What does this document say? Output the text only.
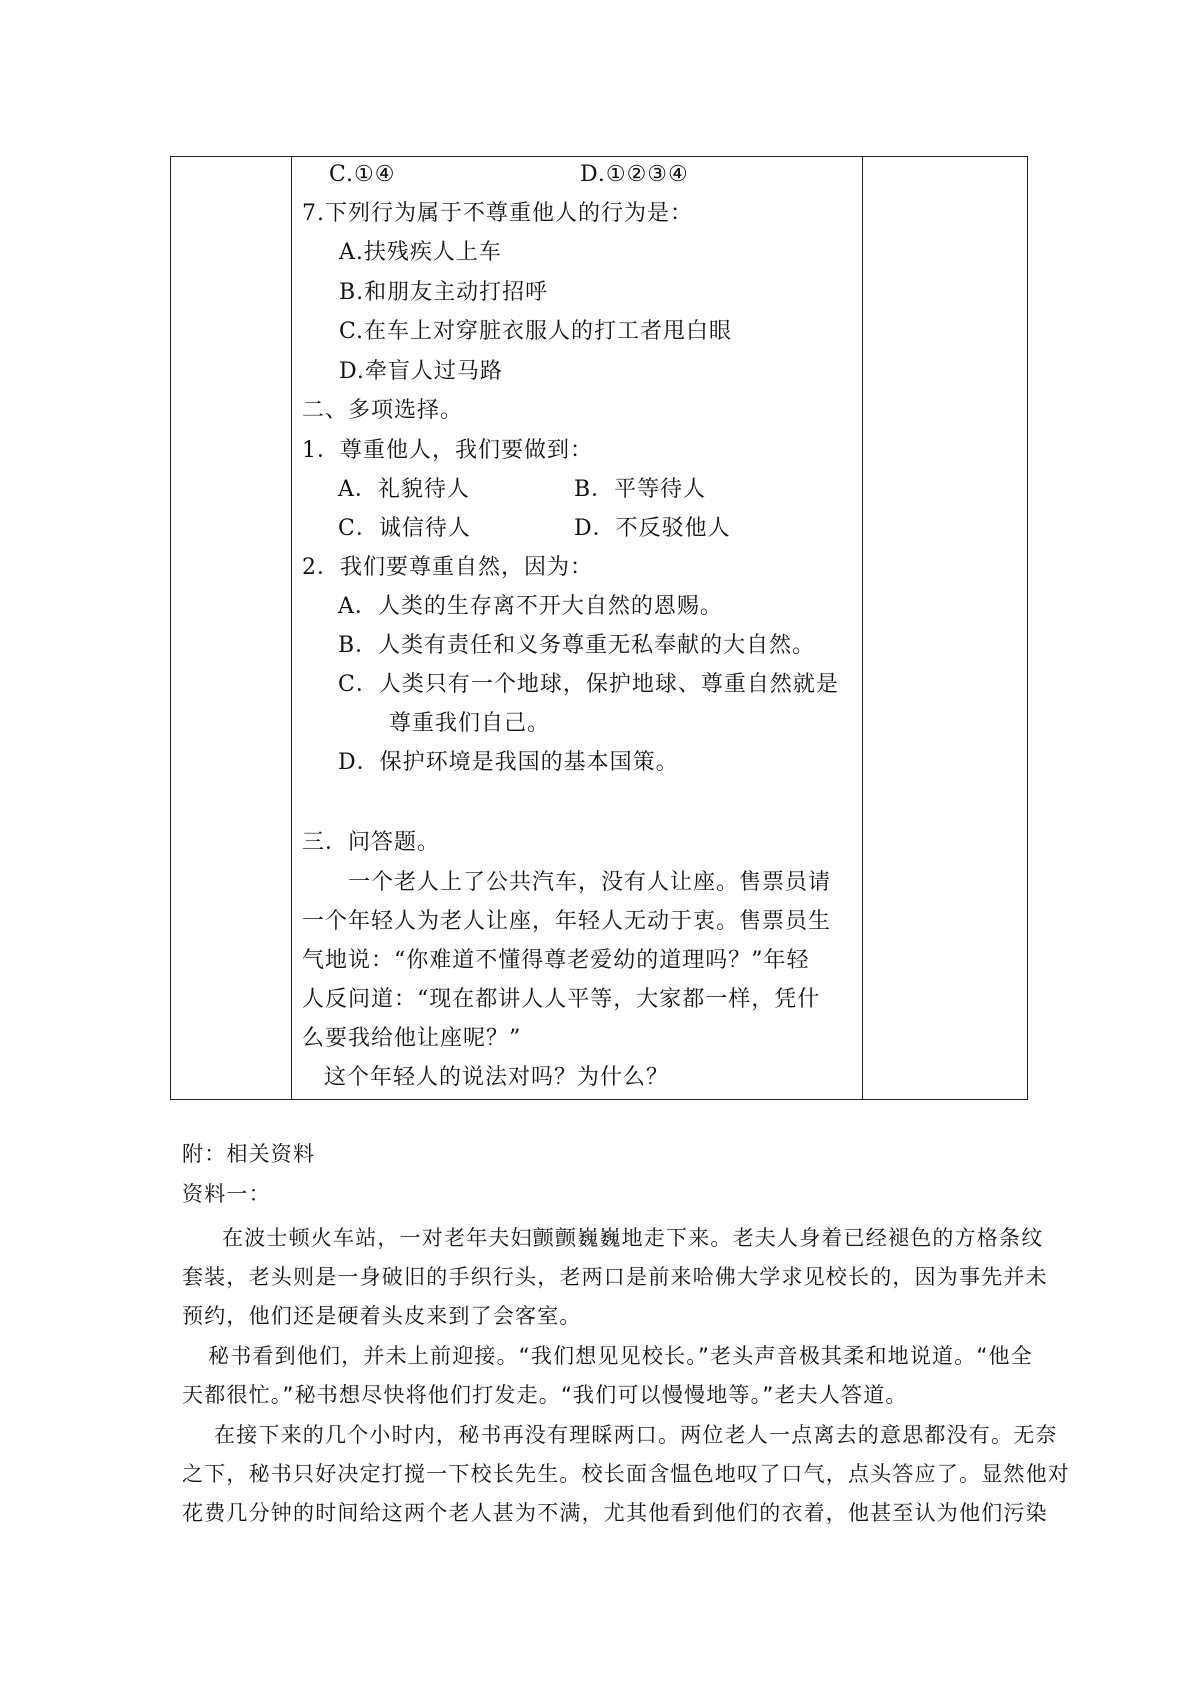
C.①④	D.①②③④
7.下列行为属于不尊重他人的行为是：
A.扶残疾人上车
B.和朋友主动打招呼
C.在车上对穿脏衣服人的打工者甩白眼
D.牵盲人过马路
二、多项选择。
1．尊重他人，我们要做到：
A．礼貌待人	B．平等待人
C．诚信待人	D．不反驳他人
2．我们要尊重自然，因为：
A．人类的生存离不开大自然的恩赐。
B．人类有责任和义务尊重无私奉献的大自然。
C．人类只有一个地球，保护地球、尊重自然就是
尊重我们自己。
D．保护环境是我国的基本国策。
三．问答题。
一个老人上了公共汽车，没有人让座。售票员请
一个年轻人为老人让座，年轻人无动于衷。售票员生
气地说：“你难道不懂得尊老爱幼的道理吗？”年轻
人反问道：“现在都讲人人平等，大家都一样，凭什
么要我给他让座呢？”
这个年轻人的说法对吗？为什么？
附：相关资料
资料一：
在波士顿火车站，一对老年夫妇颤颤巍巍地走下来。老夫人身着已经褪色的方格条纹
套装，老头则是一身破旧的手织行头，老两口是前来哈佛大学求见校长的，因为事先并未
预约，他们还是硬着头皮来到了会客室。
秘书看到他们，并未上前迎接。“我们想见见校长。”老头声音极其柔和地说道。“他全
天都很忙。”秘书想尽快将他们打发走。“我们可以慢慢地等。”老夫人答道。
在接下来的几个小时内，秘书再没有理睬两口。两位老人一点离去的意思都没有。无奈
之下，秘书只好决定打搅一下校长先生。校长面含愠色地叹了口气，点头答应了。显然他对
花费几分钟的时间给这两个老人甚为不满，尤其他看到他们的衣着，他甚至认为他们污染
